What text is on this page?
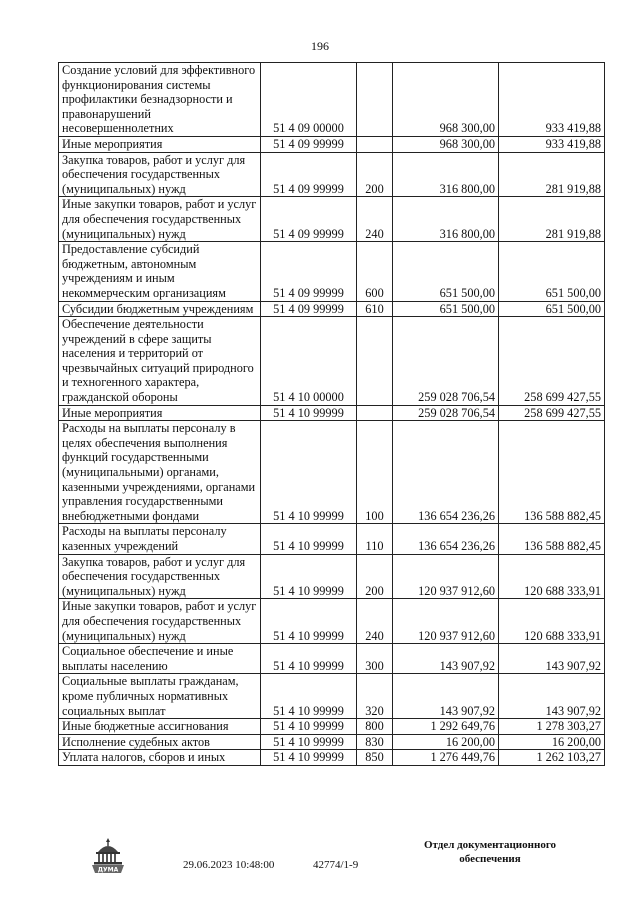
196
Создание условий для эффективного функционирования системы профилактики безнадзорности и правонарушений несовершеннолетних	51 4 09 00000		968 300,00	933 419,88
Иные мероприятия	51 4 09 99999		968 300,00	933 419,88
Закупка товаров, работ и услуг для обеспечения государственных (муниципальных) нужд	51 4 09 99999	200	316 800,00	281 919,88
Иные закупки товаров, работ и услуг для обеспечения государственных (муниципальных) нужд	51 4 09 99999	240	316 800,00	281 919,88
Предоставление субсидий бюджетным, автономным учреждениям и иным некоммерческим организациям	51 4 09 99999	600	651 500,00	651 500,00
Субсидии бюджетным учреждениям	51 4 09 99999	610	651 500,00	651 500,00
Обеспечение деятельности учреждений в сфере защиты населения и территорий от чрезвычайных ситуаций природного и техногенного характера, гражданской обороны	51 4 10 00000		259 028 706,54	258 699 427,55
Иные мероприятия	51 4 10 99999		259 028 706,54	258 699 427,55
Расходы на выплаты персоналу в целях обеспечения выполнения функций государственными (муниципальными) органами, казенными учреждениями, органами управления государственными внебюджетными фондами	51 4 10 99999	100	136 654 236,26	136 588 882,45
Расходы на выплаты персоналу казенных учреждений	51 4 10 99999	110	136 654 236,26	136 588 882,45
Закупка товаров, работ и услуг для обеспечения государственных (муниципальных) нужд	51 4 10 99999	200	120 937 912,60	120 688 333,91
Иные закупки товаров, работ и услуг для обеспечения государственных (муниципальных) нужд	51 4 10 99999	240	120 937 912,60	120 688 333,91
Социальное обеспечение и иные выплаты населению	51 4 10 99999	300	143 907,92	143 907,92
Социальные выплаты гражданам, кроме публичных нормативных социальных выплат	51 4 10 99999	320	143 907,92	143 907,92
Иные бюджетные ассигнования	51 4 10 99999	800	1 292 649,76	1 278 303,27
Исполнение судебных актов	51 4 10 99999	830	16 200,00	16 200,00
Уплата налогов, сборов и иных	51 4 10 99999	850	1 276 449,76	1 262 103,27
ДУМА	29.06.2023 10:48:00	42774/1-9
Отдел документационного
обеспечения
